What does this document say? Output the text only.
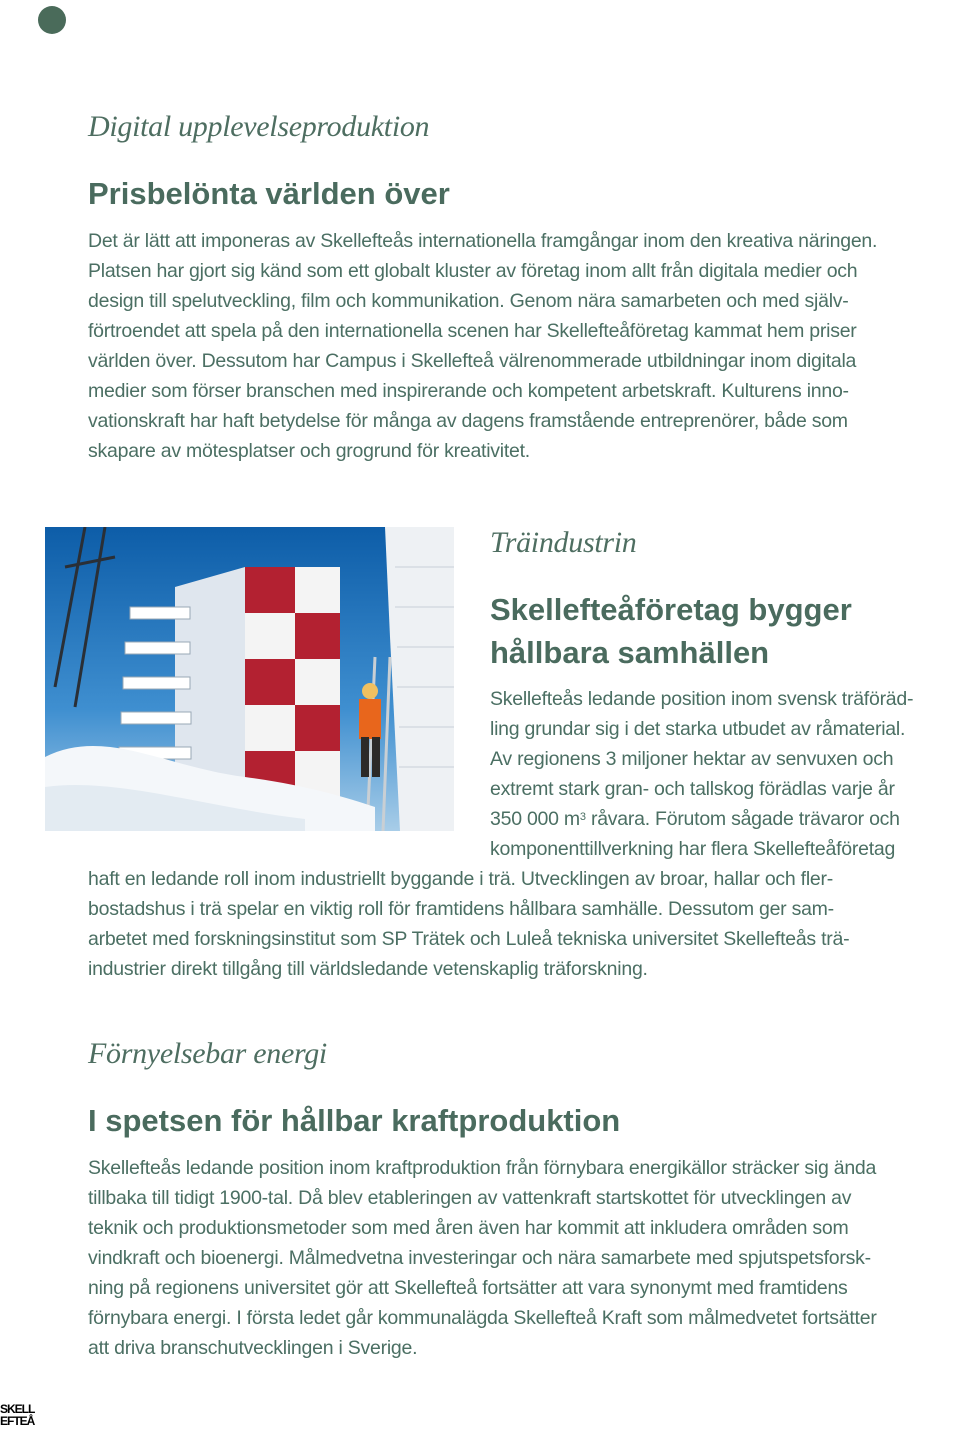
Digital upplevelseproduktion

Prisbelönta världen över
Det är lätt att imponeras av Skellefteås internationella framgångar inom den kreativa näringen.
Platsen har gjort sig känd som ett globalt kluster av företag inom allt från digitala medier och
design till spelutveckling, film och kommunikation. Genom nära samarbeten och med själv-
förtroendet att spela på den internationella scenen har Skellefteåföretag kammat hem priser
världen över. Dessutom har Campus i Skellefteå välrenommerade utbildningar inom digitala
medier som förser branschen med inspirerande och kompetent arbetskraft. Kulturens inno-
vationskraft har haft betydelse för många av dagens framstående entreprenörer, både som
skapare av mötesplatser och grogrund för kreativitet.

Träindustrin

Skellefteåföretag bygger
hållbara samhällen
Skellefteås ledande position inom svensk träföräd-
ling grundar sig i det starka utbudet av råmaterial.
Av regionens 3 miljoner hektar av senvuxen och
extremt stark gran- och tallskog förädlas varje år
350 000 $m^3$ råvara. Förutom sågade trävaror och
komponenttillverkning har flera Skellefteåföretag
haft en ledande roll inom industriellt byggande i trä. Utvecklingen av broar, hallar och fler-
bostadshus i trä spelar en viktig roll för framtidens hållbara samhälle. Dessutom ger sam-
arbetet med forskningsinstitut som SP Trätek och Luleå tekniska universitet Skellefteås trä-
industrier direkt tillgång till världsledande vetenskaplig träforskning.

Förnyelsebar energi

I spetsen för hållbar kraftproduktion
Skellefteås ledande position inom kraftproduktion från förnybara energikällor sträcker sig ända
tillbaka till tidigt 1900-tal. Då blev etableringen av vattenkraft startskottet för utvecklingen av
teknik och produktionsmetoder som med åren även har kommit att inkludera områden som
vindkraft och bioenergi. Målmedvetna investeringar och nära samarbete med spjutspetsforsk-
ning på regionens universitet gör att Skellefteå fortsätter att vara synonymt med framtidens
förnybara energi. I första ledet går kommunalägda Skellefteå Kraft som målmedvetet fortsätter
att driva branschutvecklingen i Sverige.
SKELL
EFTEÅ
